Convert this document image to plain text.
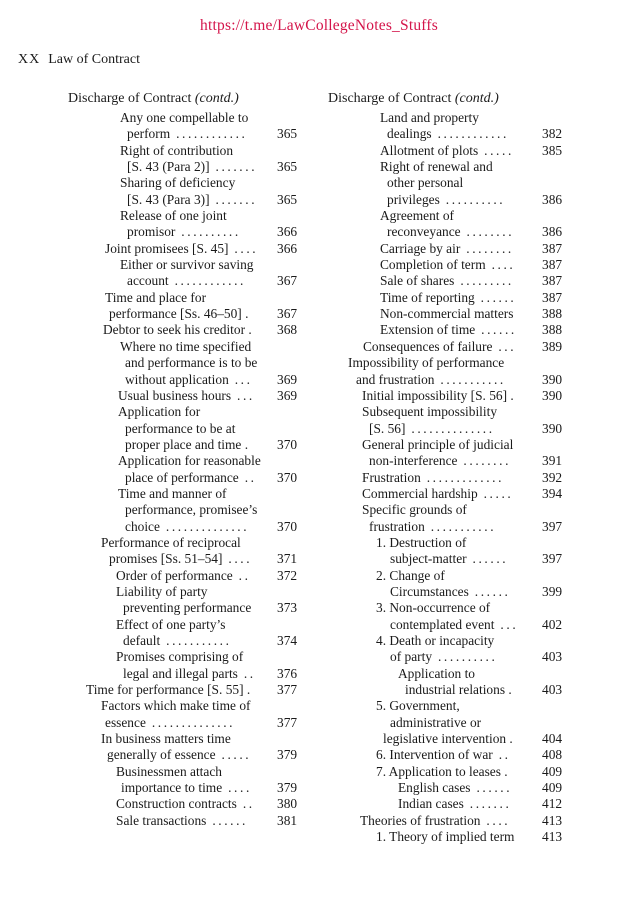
https://t.me/LawCollegeNotes_Stuffs
XX Law of Contract
Discharge of Contract (contd.)
Any one compellable to
perform ............ 365
Right of contribution
[S. 43 (Para 2)] ....... 365
Sharing of deficiency
[S. 43 (Para 3)] ....... 365
Release of one joint
promisor ..........	366
Joint promisees [S. 45] .... 366
Either or survivor saving
account ............ 367
Time and place for
performance [Ss. 46–50] . 367
Debtor to seek his creditor . 368
Where no time specified
and performance is to be
without application ... 369
Usual business hours ... 369
Application for
performance to be at
proper place and time . 370
Application for reasonable
place of performance .. 370
Time and manner of
performance, promisee’s
choice .............. 370
Performance of reciprocal
promises [Ss. 51–54] .... 371
Order of performance .. 372
Liability of party
preventing performance 373
Effect of one party’s
default ...........	374
Promises comprising of
legal and illegal parts .. 376
Time for performance [S. 55] . 377
Factors which make time of
essence ..............	377
In business matters time
generally of essence ..... 379
Businessmen attach
importance to time .... 379
Construction contracts .. 380
Sale transactions ...... 381
Discharge of Contract (contd.)
Land and property
dealings ............ 382
Allotment of plots ..... 385
Right of renewal and
other personal
privileges ..........	386
Agreement of
reconveyance ........ 386
Carriage by air ........ 387
Completion of term .... 387
Sale of shares ......... 387
Time of reporting ...... 387
Non-commercial matters 388
Extension of time ...... 388
Consequences of failure ... 389
Impossibility of performance
and frustration ...........	390
Initial impossibility [S. 56] . 390
Subsequent impossibility
[S. 56] ..............	390
General principle of judicial
non-interference ........ 391
Frustration .............	392
Commercial hardship ..... 394
Specific grounds of
frustration ...........	397
1. Destruction of
subject-matter ......	397
2. Change of
Circumstances ...... 399
3. Non-occurrence of
contemplated event ... 402
4. Death or incapacity
of party ..........	403
Application to
industrial relations . 403
5. Government,
administrative or
legislative intervention . 404
6. Intervention of war .. 408
7. Application to leases .	409
English cases ...... 409
Indian cases ....... 412
Theories of frustration .... 413
1. Theory of implied term 413
